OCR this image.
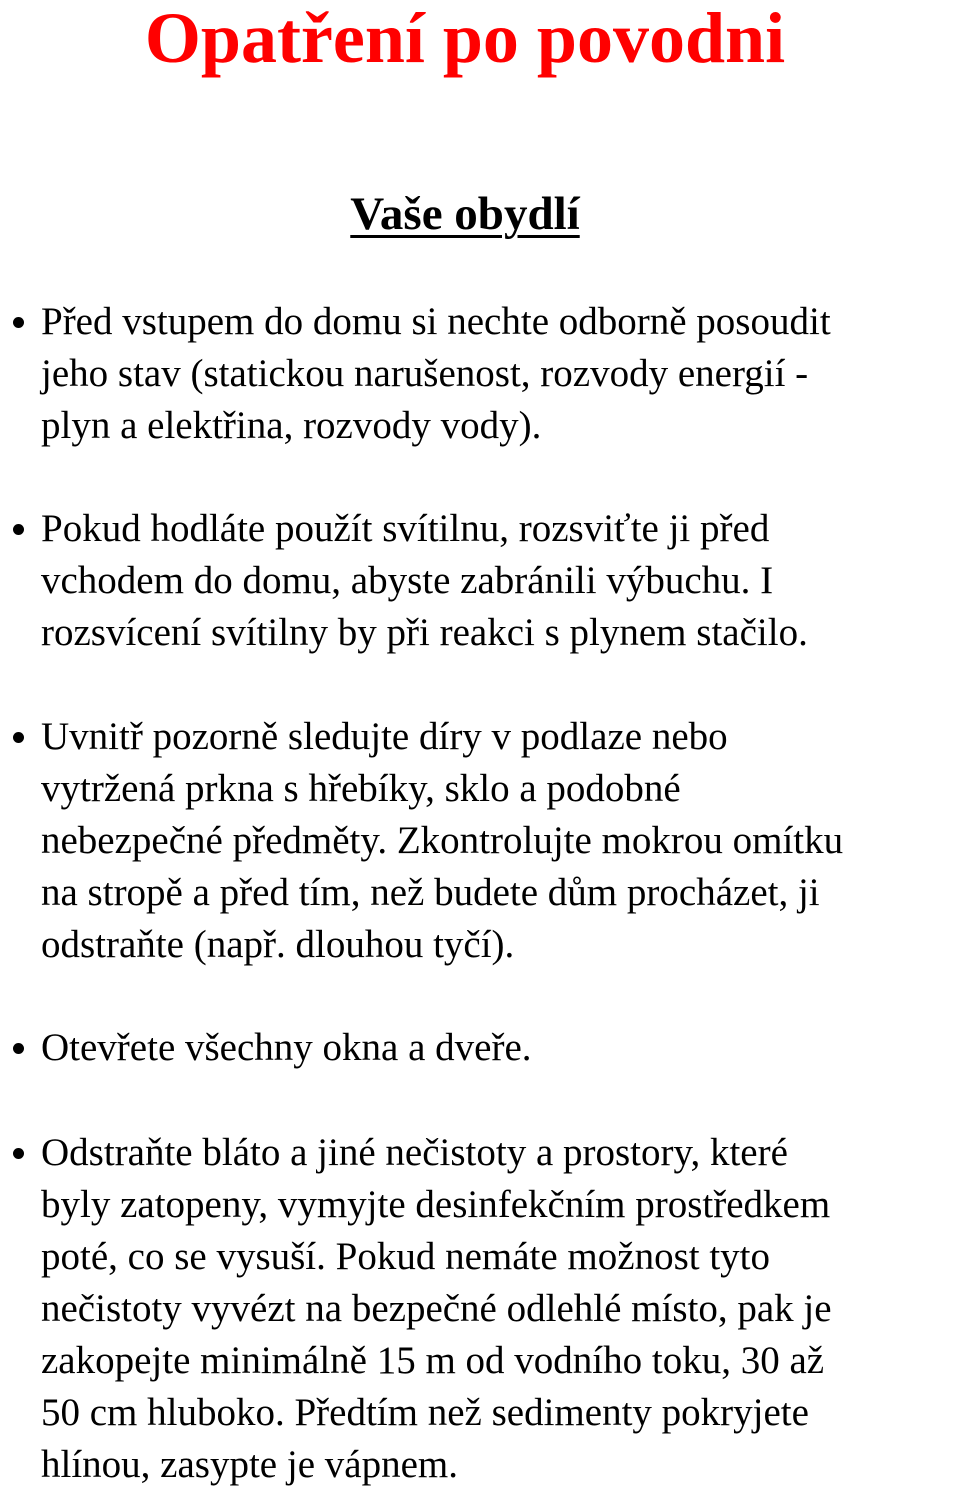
Opatření po povodni
Vaše obydlí
Před vstupem do domu si nechte odborně posoudit
jeho stav (statickou narušenost, rozvody energií -
plyn a elektřina, rozvody vody).
Pokud hodláte použít svítilnu, rozsviťte ji před
vchodem do domu, abyste zabránili výbuchu. I
rozsvícení svítilny by při reakci s plynem stačilo.
Uvnitř pozorně sledujte díry v podlaze nebo
vytržená prkna s hřebíky, sklo a podobné
nebezpečné předměty. Zkontrolujte mokrou omítku
na stropě a před tím, než budete dům procházet, ji
odstraňte (např. dlouhou tyčí).
Otevřete všechny okna a dveře.
Odstraňte bláto a jiné nečistoty a prostory, které
byly zatopeny, vymyjte desinfekčním prostředkem
poté, co se vysuší. Pokud nemáte možnost tyto
nečistoty vyvézt na bezpečné odlehlé místo, pak je
zakopejte minimálně 15 m od vodního toku, 30 až
50 cm hluboko. Předtím než sedimenty pokryjete
hlínou, zasypte je vápnem.
